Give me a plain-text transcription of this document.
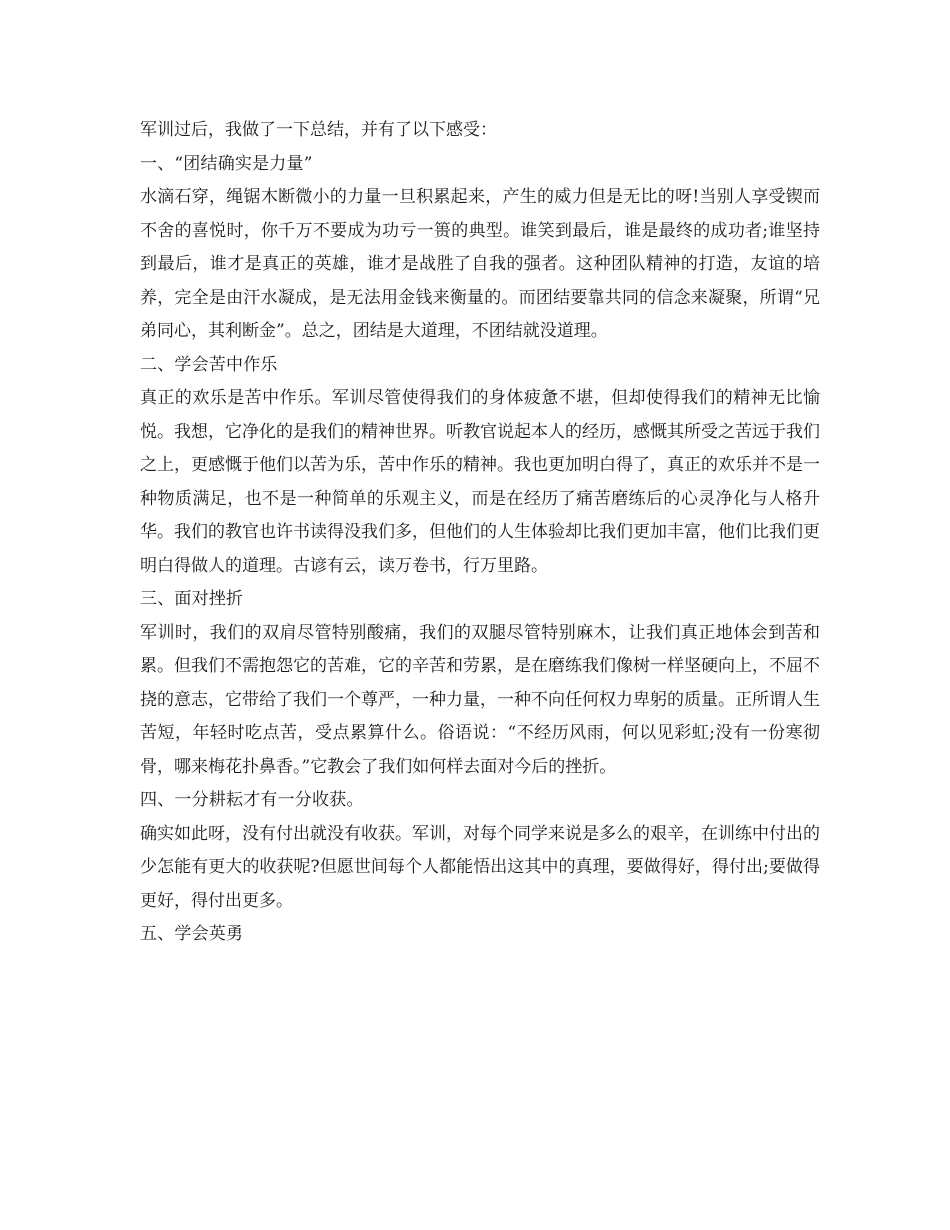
军训过后，我做了一下总结，并有了以下感受：

一、“团结确实是力量”

水滴石穿，绳锯木断微小的力量一旦积累起来，产生的威力但是无比的呀!当别人享受锲而不舍的喜悦时，你千万不要成为功亏一篑的典型。谁笑到最后，谁是最终的成功者;谁坚持到最后，谁才是真正的英雄，谁才是战胜了自我的强者。这种团队精神的打造，友谊的培养，完全是由汗水凝成，是无法用金钱来衡量的。而团结要靠共同的信念来凝聚，所谓“兄弟同心，其利断金”。总之，团结是大道理，不团结就没道理。

二、学会苦中作乐

真正的欢乐是苦中作乐。军训尽管使得我们的身体疲惫不堪，但却使得我们的精神无比愉悦。我想，它净化的是我们的精神世界。听教官说起本人的经历，感慨其所受之苦远于我们之上，更感慨于他们以苦为乐，苦中作乐的精神。我也更加明白得了，真正的欢乐并不是一种物质满足，也不是一种简单的乐观主义，而是在经历了痛苦磨练后的心灵净化与人格升华。我们的教官也许书读得没我们多，但他们的人生体验却比我们更加丰富，他们比我们更明白得做人的道理。古谚有云，读万卷书，行万里路。

三、面对挫折

军训时，我们的双肩尽管特别酸痛，我们的双腿尽管特别麻木，让我们真正地体会到苦和累。但我们不需抱怨它的苦难，它的辛苦和劳累，是在磨练我们像树一样坚硬向上，不屈不挠的意志，它带给了我们一个尊严，一种力量，一种不向任何权力卑躬的质量。正所谓人生苦短，年轻时吃点苦，受点累算什么。俗语说：“不经历风雨，何以见彩虹;没有一份寒彻骨，哪来梅花扑鼻香。”它教会了我们如何样去面对今后的挫折。

四、一分耕耘才有一分收获。

确实如此呀，没有付出就没有收获。军训，对每个同学来说是多么的艰辛，在训练中付出的少怎能有更大的收获呢?但愿世间每个人都能悟出这其中的真理，要做得好，得付出;要做得更好，得付出更多。

五、学会英勇
